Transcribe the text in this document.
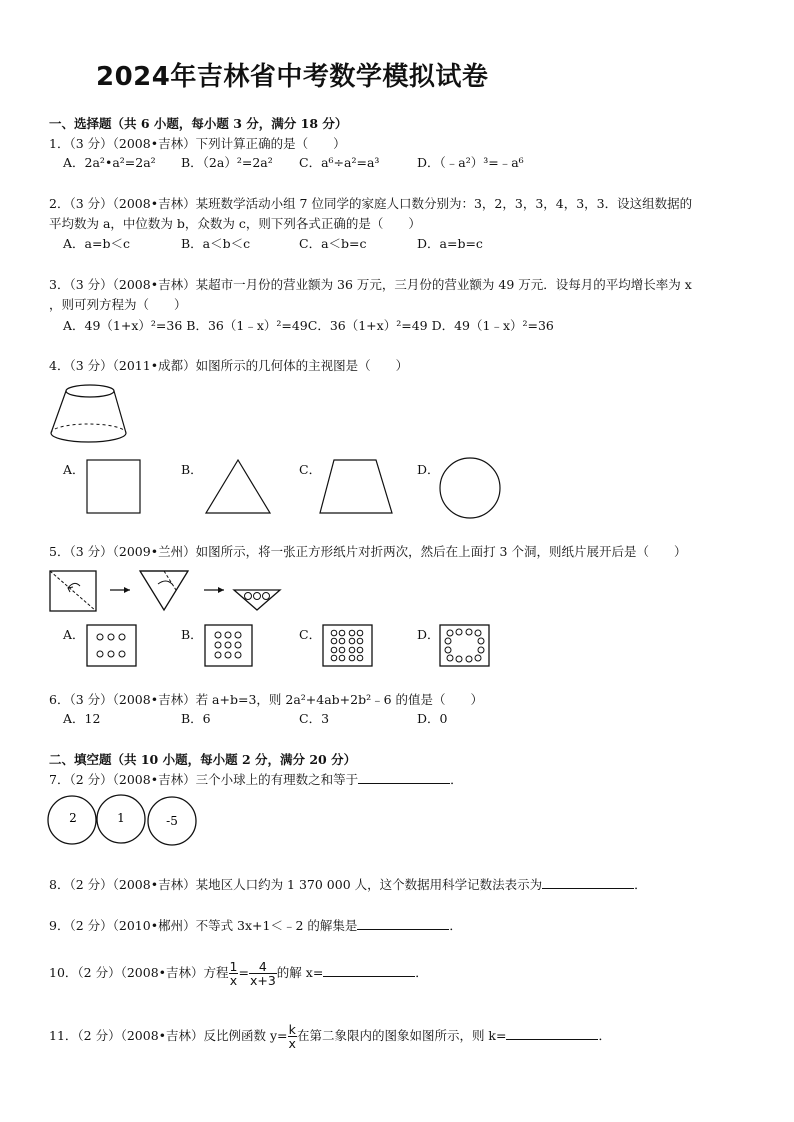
2024年吉林省中考数学模拟试卷
一、选择题（共 6 小题，每小题 3 分，满分 18 分）
1．（3 分）（2008•吉林）下列计算正确的是（　　）
A．2a²•a²=2a² B．（2a）²=2a² C．a⁶÷a²=a³	D．（﹣a²）³=﹣a⁶
2．（3 分）（2008•吉林）某班数学活动小组 7 位同学的家庭人口数分别为：3，2，3，3，4，3，3．设这组数据的
平均数为 a，中位数为 b，众数为 c，则下列各式正确的是（　　）
A．a=b＜c	B．a＜b＜c	C．a＜b=c	D．a=b=c
3．（3 分）（2008•吉林）某超市一月份的营业额为 36 万元，三月份的营业额为 49 万元．设每月的平均增长率为 x
，则可列方程为（　　）
A．49（1+x）²=36 B．36（1﹣x）²=49C．36（1+x）²=49 D．49（1﹣x）²=36
4．（3 分）（2011•成都）如图所示的几何体的主视图是（　　）
A．	B．	C．	D．
5．（3 分）（2009•兰州）如图所示，将一张正方形纸片对折两次，然后在上面打 3 个洞，则纸片展开后是（　　）
A．	B．	C．	D．
6．（3 分）（2008•吉林）若 a+b=3，则 2a²+4ab+2b²﹣6 的值是（　　）
A．12	B．6	C．3	D．0
二、填空题（共 10 小题，每小题 2 分，满分 20 分）
7．（2 分）（2008•吉林）三个小球上的有理数之和等于	．
2	1	-5
8．（2 分）（2008•吉林）某地区人口约为 1 370 000 人，这个数据用科学记数法表示为	．
9．（2 分）（2010•郴州）不等式 3x+1＜﹣2 的解集是	．
10．（2 分）（2008•吉林）方程 $\frac{1}{x} = \frac{4}{x+3}$ 的解 x=	．
11．（2 分）（2008•吉林）反比例函数 $y= \frac{k}{x}$ 在第二象限内的图象如图所示，则 k=	．
